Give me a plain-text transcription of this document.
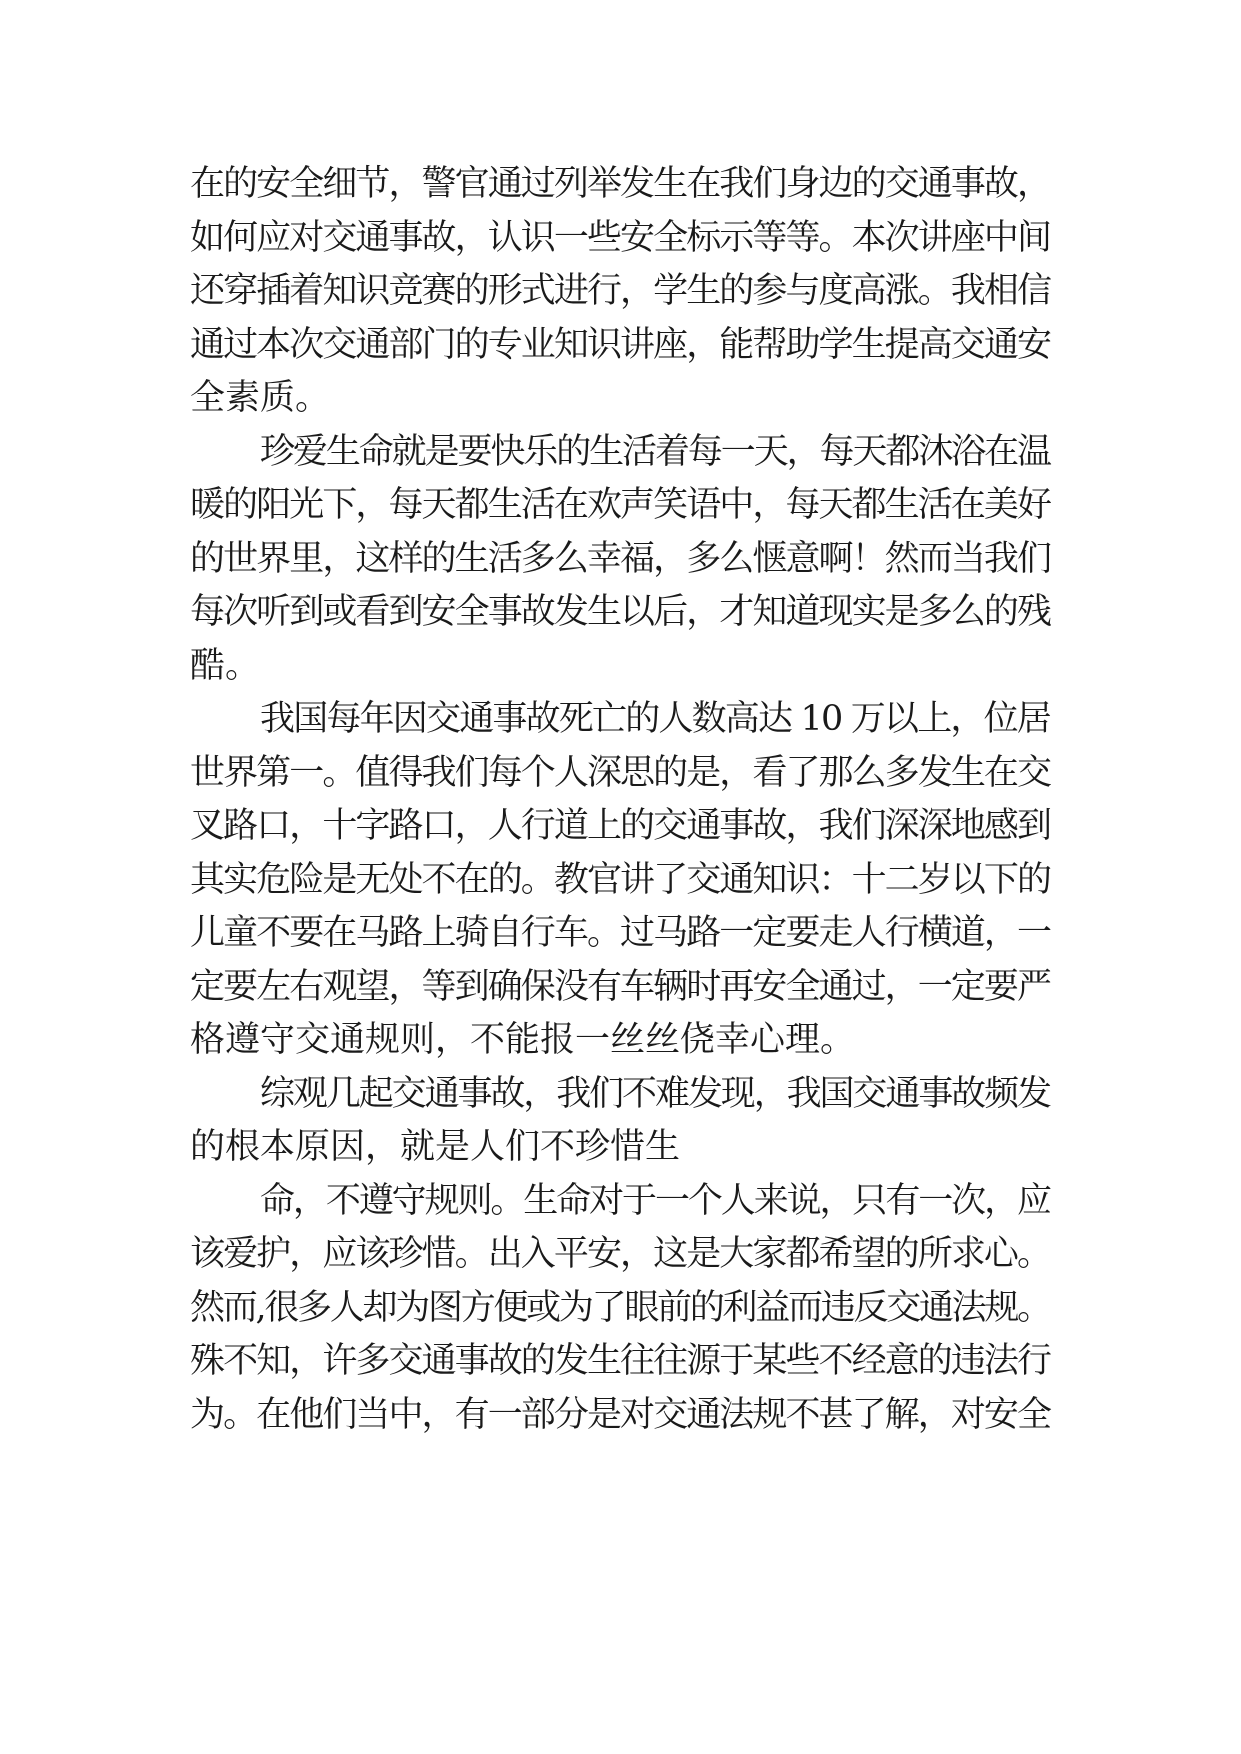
在的安全细节，警官通过列举发生在我们身边的交通事故，
如何应对交通事故，认识一些安全标示等等。本次讲座中间
还穿插着知识竞赛的形式进行，学生的参与度高涨。我相信
通过本次交通部门的专业知识讲座，能帮助学生提高交通安
全素质。
珍爱生命就是要快乐的生活着每一天，每天都沐浴在温
暖的阳光下，每天都生活在欢声笑语中，每天都生活在美好
的世界里，这样的生活多么幸福，多么惬意啊！然而当我们
每次听到或看到安全事故发生以后，才知道现实是多么的残
酷。
我国每年因交通事故死亡的人数高达 10 万以上，位居
世界第一。值得我们每个人深思的是，看了那么多发生在交
叉路口，十字路口，人行道上的交通事故，我们深深地感到
其实危险是无处不在的。教官讲了交通知识：十二岁以下的
儿童不要在马路上骑自行车。过马路一定要走人行横道，一
定要左右观望，等到确保没有车辆时再安全通过，一定要严
格遵守交通规则，不能报一丝丝侥幸心理。
综观几起交通事故，我们不难发现，我国交通事故频发
的根本原因，就是人们不珍惜生
命，不遵守规则。生命对于一个人来说，只有一次，应
该爱护，应该珍惜。出入平安，这是大家都希望的所求心。
然而,很多人却为图方便或为了眼前的利益而违反交通法规。
殊不知，许多交通事故的发生往往源于某些不经意的违法行
为。在他们当中，有一部分是对交通法规不甚了解，对安全
